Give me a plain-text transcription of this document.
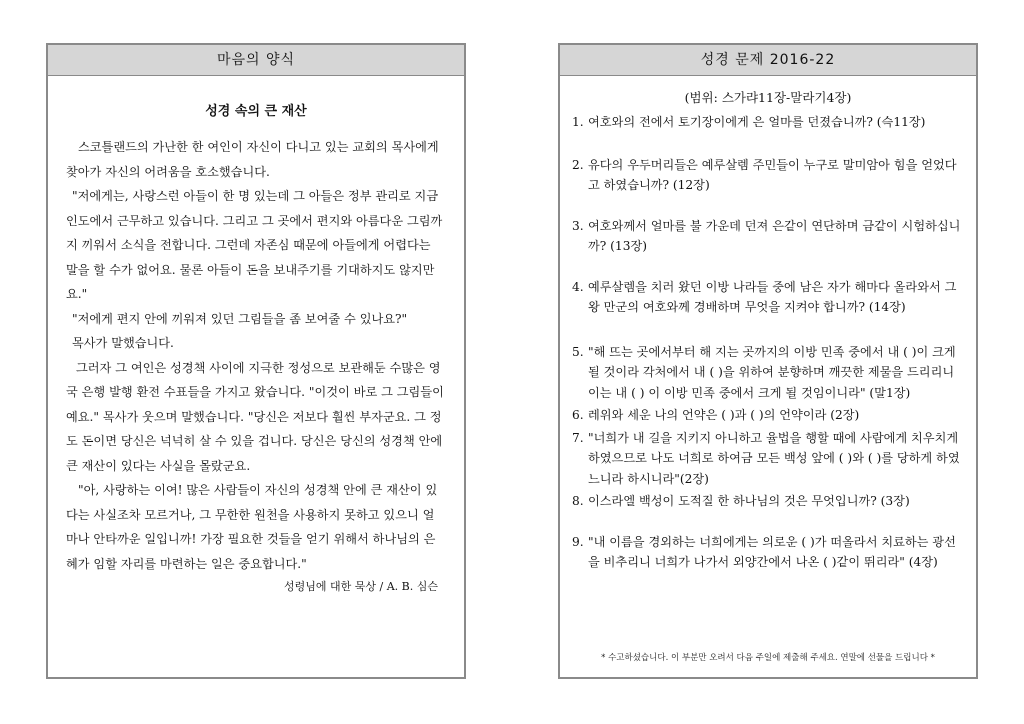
마음의 양식
성경 속의 큰 재산

스코틀랜드의 가난한 한 여인이 자신이 다니고 있는 교회의 목사에게 찾아가 자신의 어려움을 호소했습니다.

"저에게는, 사랑스런 아들이 한 명 있는데 그 아들은 정부 관리로 지금 인도에서 근무하고 있습니다. 그리고 그 곳에서 편지와 아름다운 그림까지 끼워서 소식을 전합니다. 그런데 자존심 때문에 아들에게 어렵다는 말을 할 수가 없어요. 물론 아들이 돈을 보내주기를 기대하지도 않지만요."

"저에게 편지 안에 끼워져 있던 그림들을 좀 보여줄 수 있나요?"

목사가 말했습니다.

그러자 그 여인은 성경책 사이에 지극한 정성으로 보관해둔 수많은 영국 은행 발행 환전 수표들을 가지고 왔습니다. "이것이 바로 그 그림들이예요." 목사가 웃으며 말했습니다. "당신은 저보다 훨씬 부자군요. 그 정도 돈이면 당신은 넉넉히 살 수 있을 겁니다. 당신은 당신의 성경책 안에 큰 재산이 있다는 사실을 몰랐군요.

"아, 사랑하는 이여! 많은 사람들이 자신의 성경책 안에 큰 재산이 있다는 사실조차 모르거나, 그 무한한 원천을 사용하지 못하고 있으니 얼마나 안타까운 일입니까! 가장 필요한 것들을 얻기 위해서 하나님의 은혜가 임할 자리를 마련하는 일은 중요합니다."

성령님에 대한 묵상 / A. B. 심슨
성경 문제 2016-22
(범위: 스가랴11장-말라기4장)
1. 여호와의 전에서 토기장이에게 은 얼마를 던졌습니까? (슥11장)
2. 유다의 우두머리들은 예루살렘 주민들이 누구로 말미암아 힘을 얻었다고 하였습니까? (12장)
3. 여호와께서 얼마를 불 가운데 던져 은같이 연단하며 금같이 시험하십니까? (13장)
4. 예루살렘을 치러 왔던 이방 나라들 중에 남은 자가 해마다 올라와서 그 왕 만군의 여호와께 경배하며 무엇을 지켜야 합니까? (14장)
5. "해 뜨는 곳에서부터 해 지는 곳까지의 이방 민족 중에서 내 ( )이 크게 될 것이라 각처에서 내 ( )을 위하여 분향하며 깨끗한 제물을 드리리니 이는 내 ( ) 이 이방 민족 중에서 크게 될 것임이니라" (말1장)
6. 레위와 세운 나의 언약은 ( )과 ( )의 언약이라 (2장)
7. "너희가 내 길을 지키지 아니하고 율법을 행할 때에 사람에게 치우치게 하였으므로 나도 너희로 하여금 모든 백성 앞에 ( )와 ( )를 당하게 하였느니라 하시니라"(2장)
8. 이스라엘 백성이 도적질 한 하나님의 것은 무엇입니까? (3장)
9. "내 이름을 경외하는 너희에게는 의로운 ( )가 떠올라서 치료하는 광선을 비추리니 너희가 나가서 외양간에서 나온 ( )같이 뛰리라" (4장)
* 수고하셨습니다. 이 부분만 오려서 다음 주일에 제출해 주세요. 연말에 선물을 드립니다 *
